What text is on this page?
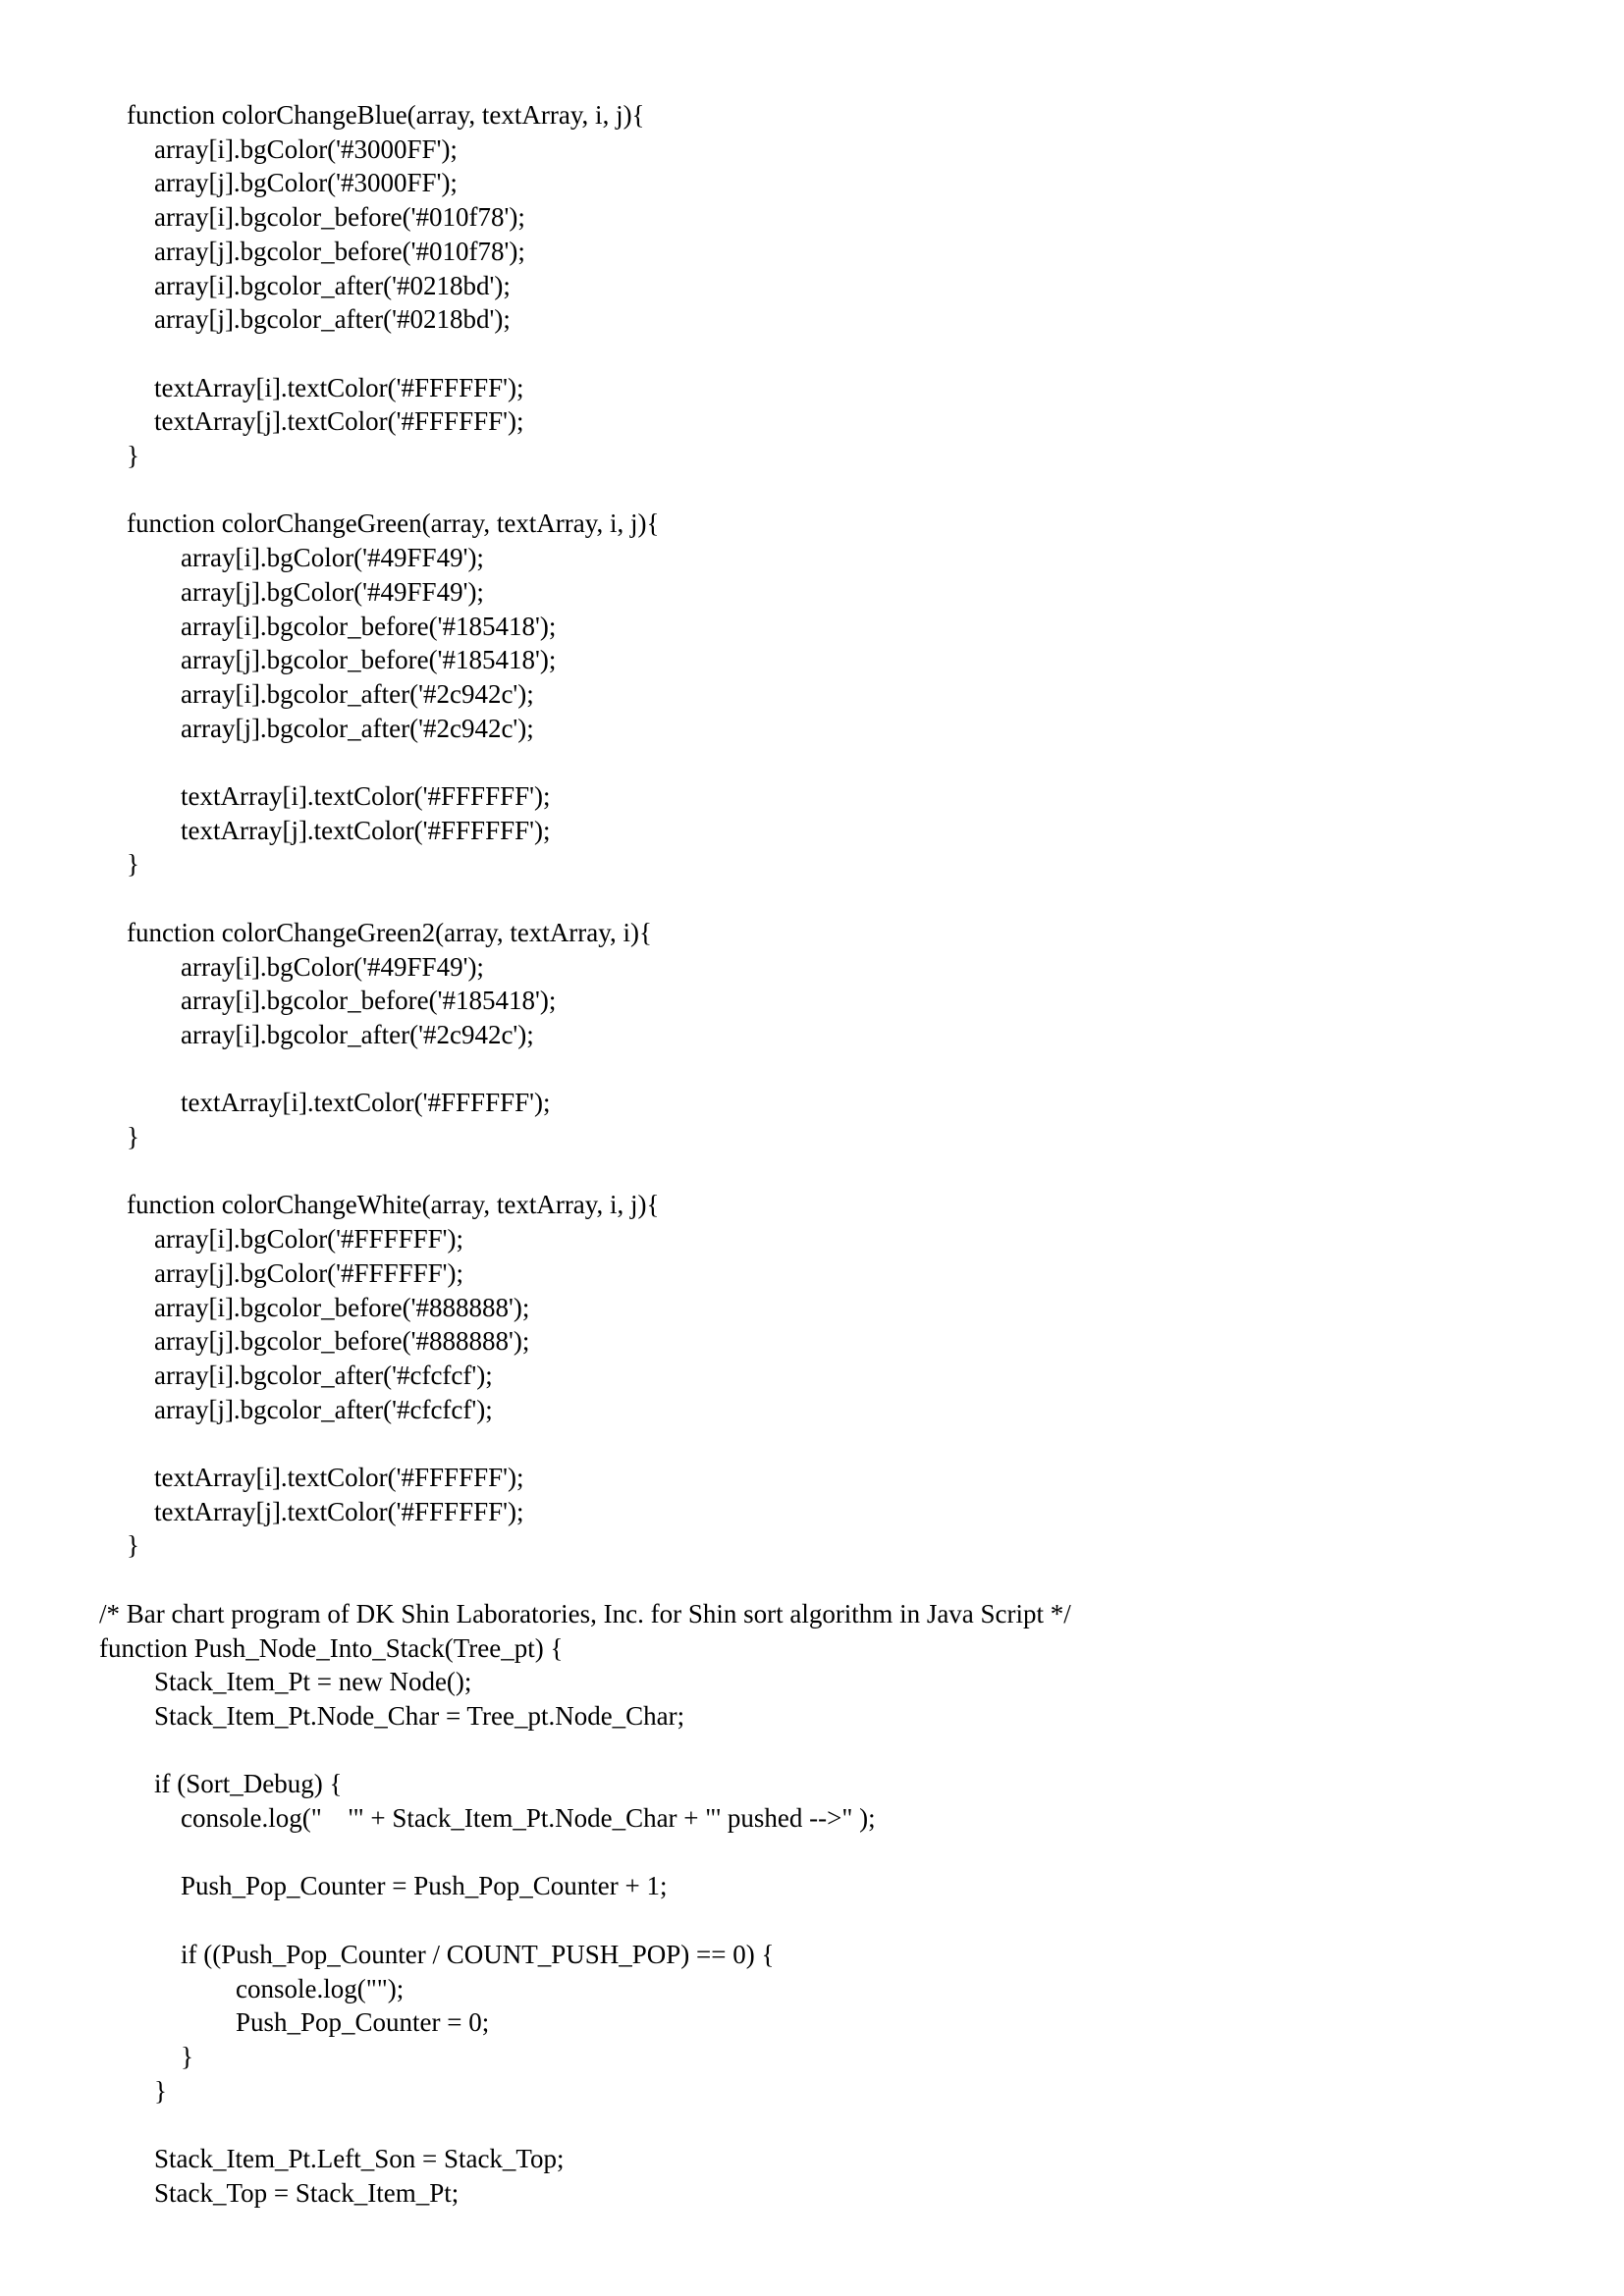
function colorChangeBlue(array, textArray, i, j){
array[i].bgColor('#3000FF');
array[j].bgColor('#3000FF');
array[i].bgcolor_before('#010f78');
array[j].bgcolor_before('#010f78');
array[i].bgcolor_after('#0218bd');
array[j].bgcolor_after('#0218bd');
textArray[i].textColor('#FFFFFF');
textArray[j].textColor('#FFFFFF');
}
function colorChangeGreen(array, textArray, i, j){
array[i].bgColor('#49FF49');
array[j].bgColor('#49FF49');
array[i].bgcolor_before('#185418');
array[j].bgcolor_before('#185418');
array[i].bgcolor_after('#2c942c');
array[j].bgcolor_after('#2c942c');
textArray[i].textColor('#FFFFFF');
textArray[j].textColor('#FFFFFF');
}
function colorChangeGreen2(array, textArray, i){
array[i].bgColor('#49FF49');
array[i].bgcolor_before('#185418');
array[i].bgcolor_after('#2c942c');
textArray[i].textColor('#FFFFFF');
}
function colorChangeWhite(array, textArray, i, j){
array[i].bgColor('#FFFFFF');
array[j].bgColor('#FFFFFF');
array[i].bgcolor_before('#888888');
array[j].bgcolor_before('#888888');
array[i].bgcolor_after('#cfcfcf');
array[j].bgcolor_after('#cfcfcf');
textArray[i].textColor('#FFFFFF');
textArray[j].textColor('#FFFFFF');
}
/* Bar chart program of DK Shin Laboratories, Inc. for Shin sort algorithm in Java Script */
function Push_Node_Into_Stack(Tree_pt) {
Stack_Item_Pt = new Node();
Stack_Item_Pt.Node_Char = Tree_pt.Node_Char;
if (Sort_Debug) {
console.log("    '" + Stack_Item_Pt.Node_Char + "' pushed -->" );
Push_Pop_Counter = Push_Pop_Counter + 1;
if ((Push_Pop_Counter / COUNT_PUSH_POP) == 0) {
console.log("");
Push_Pop_Counter = 0;
}
}
Stack_Item_Pt.Left_Son = Stack_Top;
Stack_Top = Stack_Item_Pt;
